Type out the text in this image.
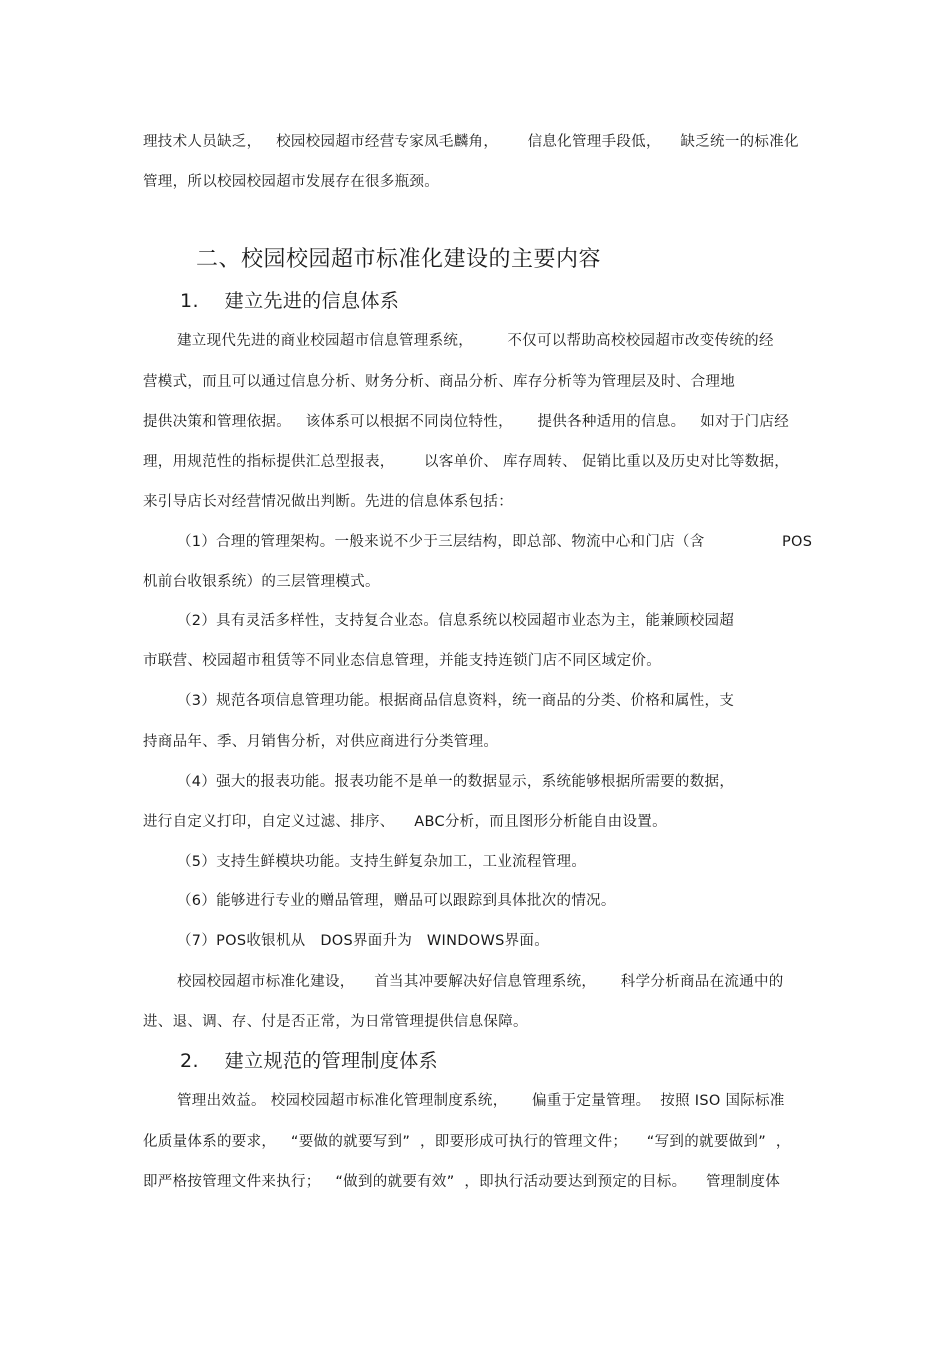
理技术人员缺乏，   校园校园超市经营专家凤毛麟角，      信息化管理手段低，    缺乏统一的标准化

管理，所以校园校园超市发展存在很多瓶颈。

二、校园校园超市标准化建设的主要内容

1.    建立先进的信息体系

建立现代先进的商业校园超市信息管理系统，       不仅可以帮助高校校园超市改变传统的经

营模式，而且可以通过信息分析、财务分析、商品分析、库存分析等为管理层及时、合理地

提供决策和管理依据。   该体系可以根据不同岗位特性，     提供各种适用的信息。   如对于门店经

理，用规范性的指标提供汇总型报表，      以客单价、 库存周转、 促销比重以及历史对比等数据，

来引导店长对经营情况做出判断。先进的信息体系包括：

（1）合理的管理架构。一般来说不少于三层结构，即总部、物流中心和门店（含	POS

机前台收银系统）的三层管理模式。

（2）具有灵活多样性，支持复合业态。信息系统以校园超市业态为主，能兼顾校园超

市联营、校园超市租赁等不同业态信息管理，并能支持连锁门店不同区域定价。

（3）规范各项信息管理功能。根据商品信息资料，统一商品的分类、价格和属性，支

持商品年、季、月销售分析，对供应商进行分类管理。

（4）强大的报表功能。报表功能不是单一的数据显示，系统能够根据所需要的数据，

进行自定义打印，自定义过滤、排序、    ABC分析，而且图形分析能自由设置。

（5）支持生鲜模块功能。支持生鲜复杂加工，工业流程管理。

（6）能够进行专业的赠品管理，赠品可以跟踪到具体批次的情况。

（7）POS收银机从   DOS界面升为   WINDOWS界面。

校园校园超市标准化建设，    首当其冲要解决好信息管理系统，     科学分析商品在流通中的

进、退、调、存、付是否正常，为日常管理提供信息保障。

2.    建立规范的管理制度体系

管理出效益。 校园校园超市标准化管理制度系统，     偏重于定量管理。  按照 ISO 国际标准

化质量体系的要求，   “要做的就要写到”  ，即要形成可执行的管理文件；    “写到的就要做到”  ，

即严格按管理文件来执行；   “做到的就要有效”  ，即执行活动要达到预定的目标。    管理制度体
